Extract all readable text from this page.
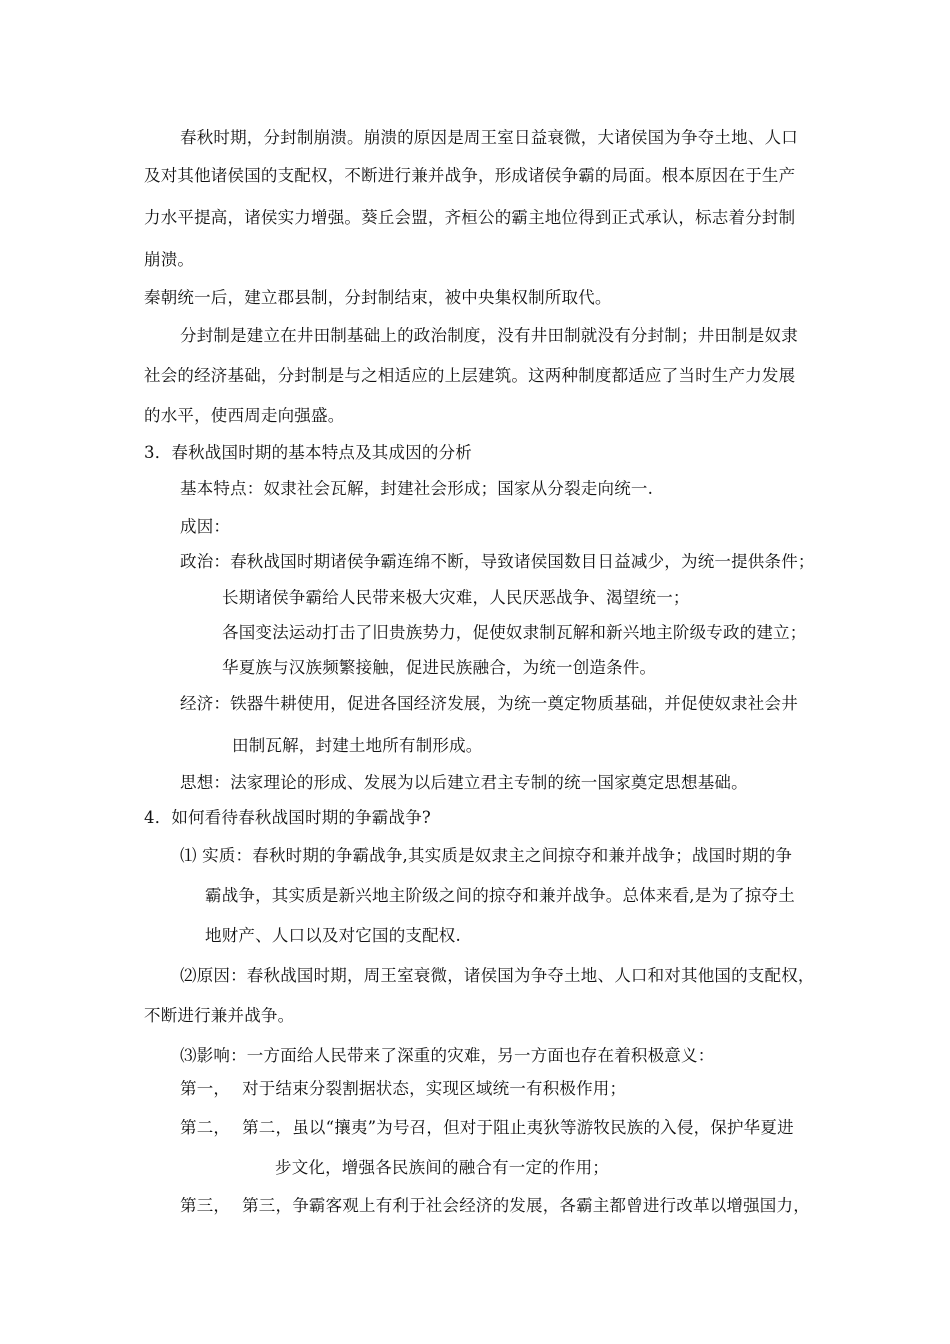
春秋时期，分封制崩溃。崩溃的原因是周王室日益衰微，大诸侯国为争夺土地、人口
及对其他诸侯国的支配权，不断进行兼并战争，形成诸侯争霸的局面。根本原因在于生产
力水平提高，诸侯实力增强。葵丘会盟，齐桓公的霸主地位得到正式承认，标志着分封制
崩溃。
秦朝统一后，建立郡县制，分封制结束，被中央集权制所取代。
分封制是建立在井田制基础上的政治制度，没有井田制就没有分封制；井田制是奴隶
社会的经济基础，分封制是与之相适应的上层建筑。这两种制度都适应了当时生产力发展
的水平，使西周走向强盛。
3．春秋战国时期的基本特点及其成因的分析
基本特点：奴隶社会瓦解，封建社会形成；国家从分裂走向统一.
成因：
政治：春秋战国时期诸侯争霸连绵不断，导致诸侯国数目日益减少，为统一提供条件；
长期诸侯争霸给人民带来极大灾难，人民厌恶战争、渴望统一；
各国变法运动打击了旧贵族势力，促使奴隶制瓦解和新兴地主阶级专政的建立；
华夏族与汉族频繁接触，促进民族融合，为统一创造条件。
经济：铁器牛耕使用，促进各国经济发展，为统一奠定物质基础，并促使奴隶社会井
田制瓦解，封建土地所有制形成。
思想：法家理论的形成、发展为以后建立君主专制的统一国家奠定思想基础。
4．如何看待春秋战国时期的争霸战争?
⑴ 实质：春秋时期的争霸战争,其实质是奴隶主之间掠夺和兼并战争；战国时期的争
霸战争，其实质是新兴地主阶级之间的掠夺和兼并战争。总体来看,是为了掠夺土
地财产、人口以及对它国的支配权.
⑵原因：春秋战国时期，周王室衰微，诸侯国为争夺土地、人口和对其他国的支配权，
不断进行兼并战争。
⑶影响：一方面给人民带来了深重的灾难，另一方面也存在着积极意义：
第一， 对于结束分裂割据状态，实现区域统一有积极作用；
第二， 第二，虽以“攘夷”为号召，但对于阻止夷狄等游牧民族的入侵，保护华夏进
步文化，增强各民族间的融合有一定的作用；
第三， 第三，争霸客观上有利于社会经济的发展，各霸主都曾进行改革以增强国力，
